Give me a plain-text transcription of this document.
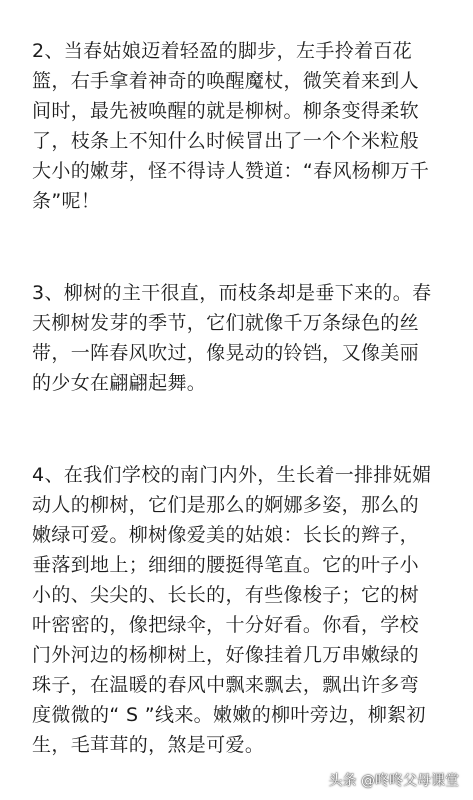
2、当春姑娘迈着轻盈的脚步，左手拎着百花
篮，右手拿着神奇的唤醒魔杖，微笑着来到人
间时，最先被唤醒的就是柳树。柳条变得柔软
了，枝条上不知什么时候冒出了一个个米粒般
大小的嫩芽，怪不得诗人赞道：“春风杨柳万千
条”呢！
3、柳树的主干很直，而枝条却是垂下来的。春
天柳树发芽的季节，它们就像千万条绿色的丝
带，一阵春风吹过，像晃动的铃铛，又像美丽
的少女在翩翩起舞。
4、在我们学校的南门内外，生长着一排排妩媚
动人的柳树，它们是那么的婀娜多姿，那么的
嫩绿可爱。柳树像爱美的姑娘：长长的辫子，
垂落到地上；细细的腰挺得笔直。它的叶子小
小的、尖尖的、长长的，有些像梭子；它的树
叶密密的，像把绿伞，十分好看。你看，学校
门外河边的杨柳树上，好像挂着几万串嫩绿的
珠子，在温暖的春风中飘来飘去，飘出许多弯
度微微的“ S ”线来。嫩嫩的柳叶旁边，柳絮初
生，毛茸茸的，煞是可爱。
头条 @咚咚父母课堂
